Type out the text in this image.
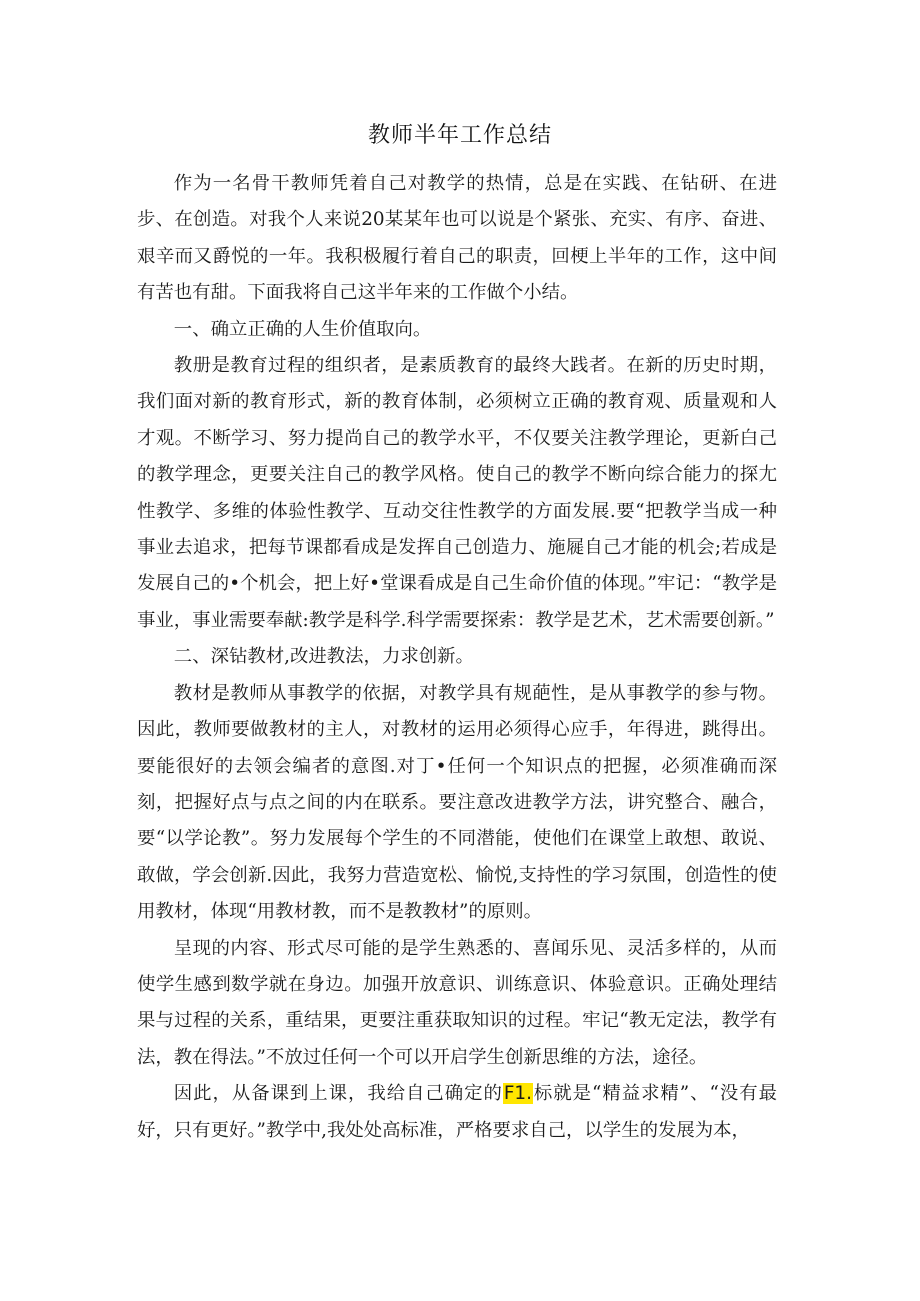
教师半年工作总结

作为一名骨干教师凭着自己对教学的热情，总是在实践、在钻研、在进步、在创造。对我个人来说20某某年也可以说是个紧张、充实、有序、奋进、艰辛而又爵悦的一年。我积极履行着自己的职责，回梗上半年的工作，这中间有苦也有甜。下面我将自己这半年来的工作做个小结。

一、确立正确的人生价值取向。

教册是教育过程的组织者，是素质教育的最终大践者。在新的历史时期，我们面对新的教育形式，新的教育体制，必须树立正确的教育观、质量观和人才观。不断学习、努力提尚自己的教学水平，不仅要关注教学理论，更新白己的教学理念，更要关注自己的教学风格。使自己的教学不断向综合能力的探尢性教学、多维的体验性教学、互动交往性教学的方面发展.要“把教学当成一种事业去追求，把每节课都看成是发挥自己创造力、施屣自己才能的机会;若成是发展自己的•个机会，把上好•堂课看成是自己生命价值的体现。”牢记：“教学是事业，事业需要奉献:教学是科学.科学需要探索：教学是艺术，艺术需要创新。”

二、深钻教材,改进教法，力求创新。

教材是教师从事教学的依据，对教学具有规葩性，是从事教学的参与物。因此，教师要做教材的主人，对教材的运用必须得心应手，年得进，跳得出。要能很好的去领会编者的意图.对丁•任何一个知识点的把握，必须准确而深刻，把握好点与点之间的内在联系。要注意改进教学方法，讲究整合、融合，要“以学论教”。努力发展每个学生的不同潜能，使他们在课堂上敢想、敢说、敢做，学会创新.因此，我努力营造宽松、愉悦,支持性的学习氛围，创造性的使用教材，体现“用教材教，而不是教教材”的原则。

呈现的内容、形式尽可能的是学生熟悉的、喜闻乐见、灵活多样的，从而使学生感到数学就在身边。加强开放意识、训练意识、体验意识。正确处理结果与过程的关系，重结果，更要注重获取知识的过程。牢记“教无定法，教学有法，教在得法。”不放过任何一个可以开启学生创新思维的方法，途径。

因此，从备课到上课，我给自己确定的F1.标就是“精益求精”、“没有最好，只有更好。”教学中,我处处高标准，严格要求自己，以学生的发展为本，
